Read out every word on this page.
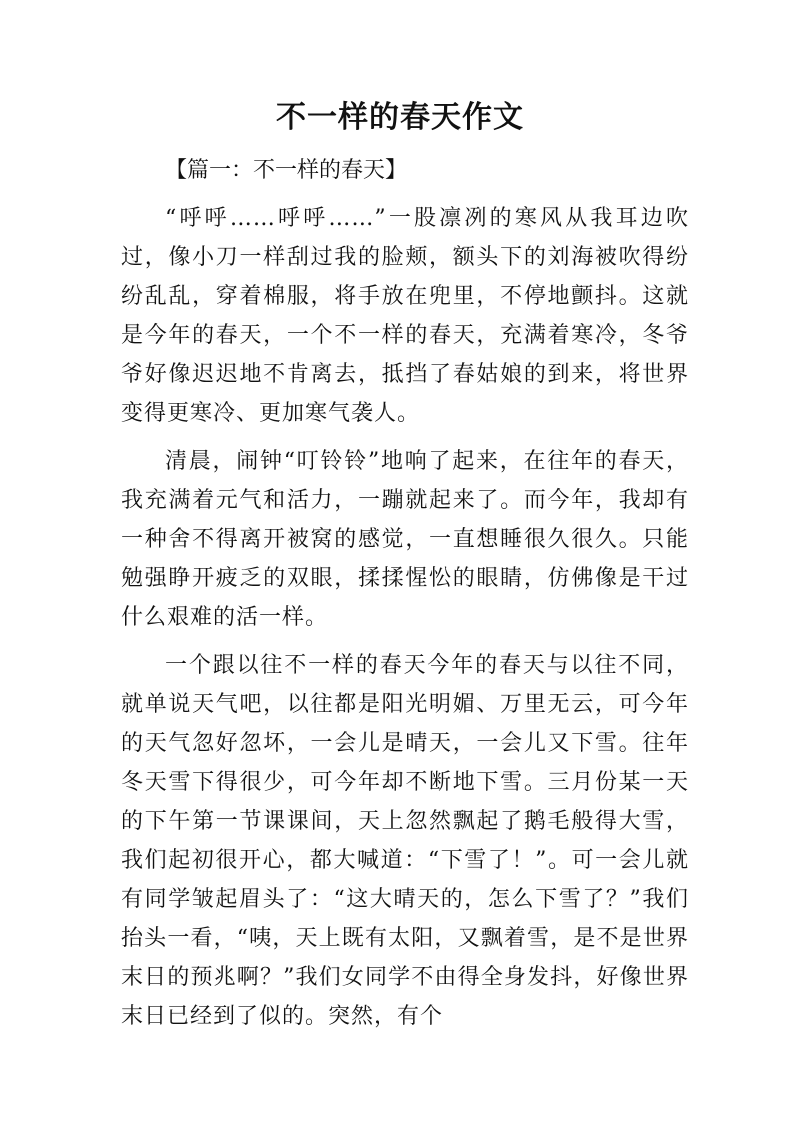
不一样的春天作文

【篇一：不一样的春天】

“呼呼……呼呼……”一股凛冽的寒风从我耳边吹过，像小刀一样刮过我的脸颊，额头下的刘海被吹得纷纷乱乱，穿着棉服，将手放在兜里，不停地颤抖。这就是今年的春天，一个不一样的春天，充满着寒冷，冬爷爷好像迟迟地不肯离去，抵挡了春姑娘的到来，将世界变得更寒冷、更加寒气袭人。

清晨，闹钟“叮铃铃”地响了起来，在往年的春天，我充满着元气和活力，一蹦就起来了。而今年，我却有一种舍不得离开被窝的感觉，一直想睡很久很久。只能勉强睁开疲乏的双眼，揉揉惺忪的眼睛，仿佛像是干过什么艰难的活一样。

一个跟以往不一样的春天今年的春天与以往不同，就单说天气吧，以往都是阳光明媚、万里无云，可今年的天气忽好忽坏，一会儿是晴天，一会儿又下雪。往年冬天雪下得很少，可今年却不断地下雪。三月份某一天的下午第一节课课间，天上忽然飘起了鹅毛般得大雪，我们起初很开心，都大喊道：“下雪了！”。可一会儿就有同学皱起眉头了：“这大晴天的，怎么下雪了？”我们抬头一看，“咦，天上既有太阳，又飘着雪，是不是世界末日的预兆啊？”我们女同学不由得全身发抖，好像世界末日已经到了似的。突然，有个
